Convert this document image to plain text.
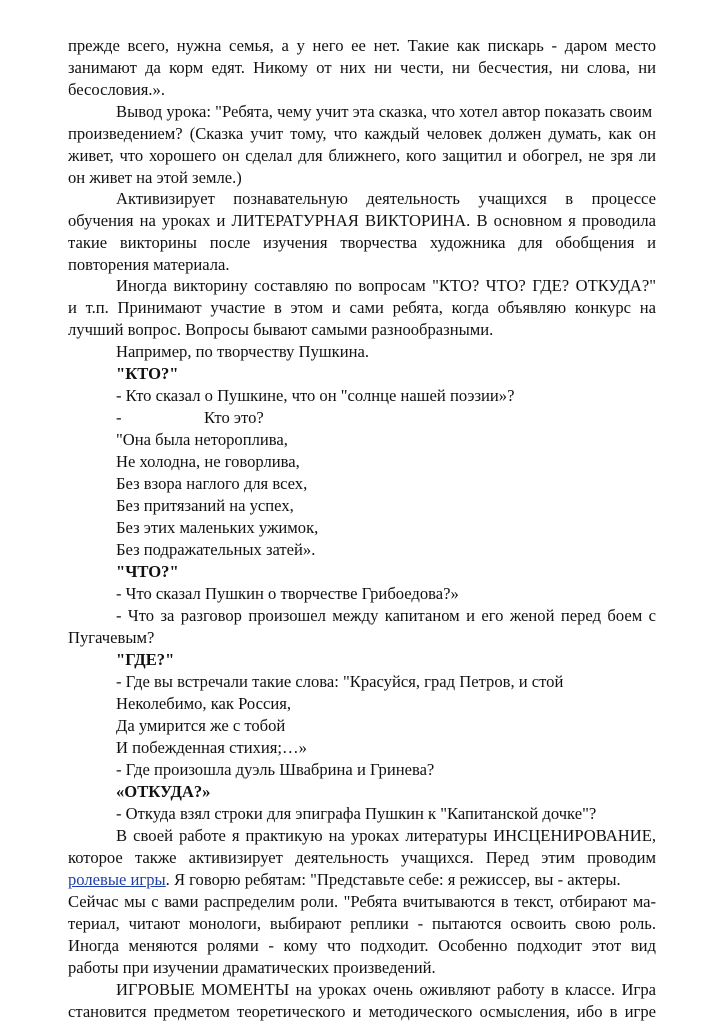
прежде всего, нужна семья, а у него ее нет. Такие как пискарь - даром место
занимают да корм едят. Никому от них ни чести, ни бесчестия, ни слова, ни
бесословия.».
Вывод урока: "Ребята, чему учит эта сказка, что хотел автор показать своим
произведением? (Сказка учит тому, что каждый человек должен думать, как он
живет, что хорошего он сделал для ближнего, кого защитил и обогрел, не зря ли
он живет на этой земле.)
Активизирует познавательную деятельность учащихся в процессе
обучения на уроках и ЛИТЕРАТУРНАЯ ВИКТОРИНА. В основном я проводила
такие викторины после изучения творчества художника для обобщения и
повторения материала.
Иногда викторину составляю по вопросам "КТО? ЧТО? ГДЕ? ОТКУДА?"
и т.п. Принимают участие в этом и сами ребята, когда объявляю конкурс на
лучший вопрос. Вопросы бывают самыми разнообразными.
Например, по творчеству Пушкина.
"КТО?"
- Кто сказал о Пушкине, что он "солнце нашей поэзии»?
-	Кто это?
"Она была нетороплива,
Не холодна, не говорлива,
Без взора наглого для всех,
Без притязаний на успех,
Без этих маленьких ужимок,
Без подражательных затей».
"ЧТО?"
- Что сказал Пушкин о творчестве Грибоедова?»
- Что за разговор произошел между капитаном и его женой перед боем с
Пугачевым?
"ГДЕ?"
- Где вы встречали такие слова: "Красуйся, град Петров, и стой
Неколебимо, как Россия,
Да умирится же с тобой
И побежденная стихия;…»
- Где произошла дуэль Швабрина и Гринева?
«ОТКУДА?»
- Откуда взял строки для эпиграфа Пушкин к "Капитанской дочке"?
В своей работе я практикую на уроках литературы ИНСЦЕНИРОВАНИЕ,
которое также активизирует деятельность учащихся. Перед этим проводим
ролевые игры. Я говорю ребятам: "Представьте себе: я режиссер, вы - актеры.
Сейчас мы с вами распределим роли. "Ребята вчитываются в текст, отбирают ма-
териал, читают монологи, выбирают реплики - пытаются освоить свою роль.
Иногда меняются ролями - кому что подходит. Особенно подходит этот вид
работы при изучении драматических произведений.
ИГРОВЫЕ МОМЕНТЫ на уроках очень оживляют работу в классе. Игра
становится предметом теоретического и методического осмысления, ибо в игре
